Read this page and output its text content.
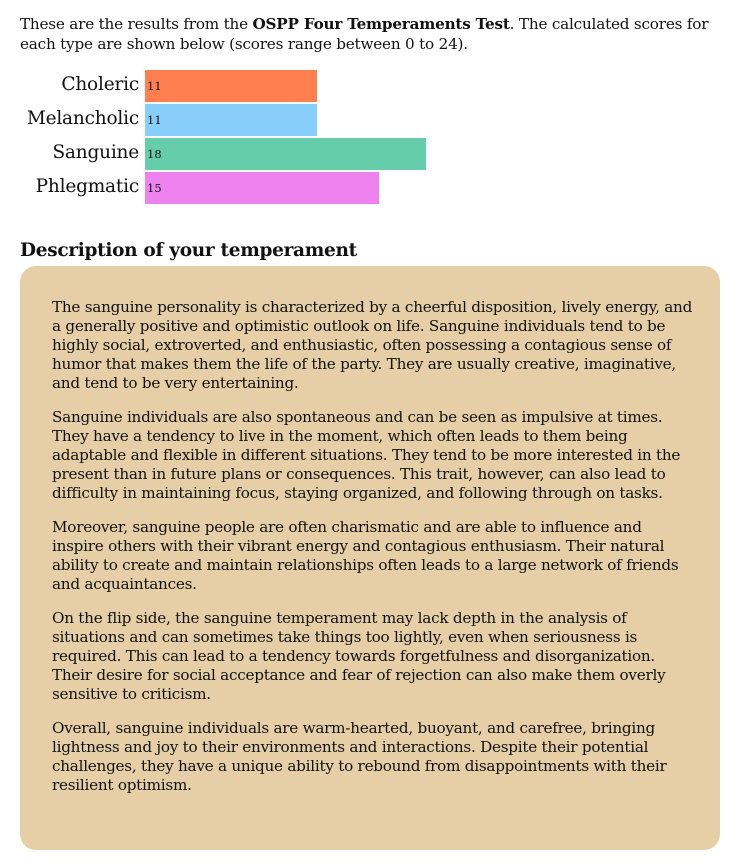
These are the results from the OSPP Four Temperaments Test. The calculated scores for each type are shown below (scores range between 0 to 24).
Choleric 11
Melancholic 11
Sanguine 18
Phlegmatic 15
Description of your temperament

The sanguine personality is characterized by a cheerful disposition, lively energy, and a generally positive and optimistic outlook on life. Sanguine individuals tend to be highly social, extroverted, and enthusiastic, often possessing a contagious sense of humor that makes them the life of the party. They are usually creative, imaginative, and tend to be very entertaining.

Sanguine individuals are also spontaneous and can be seen as impulsive at times. They have a tendency to live in the moment, which often leads to them being adaptable and flexible in different situations. They tend to be more interested in the present than in future plans or consequences. This trait, however, can also lead to difficulty in maintaining focus, staying organized, and following through on tasks.

Moreover, sanguine people are often charismatic and are able to influence and inspire others with their vibrant energy and contagious enthusiasm. Their natural ability to create and maintain relationships often leads to a large network of friends and acquaintances.

On the flip side, the sanguine temperament may lack depth in the analysis of situations and can sometimes take things too lightly, even when seriousness is required. This can lead to a tendency towards forgetfulness and disorganization. Their desire for social acceptance and fear of rejection can also make them overly sensitive to criticism.

Overall, sanguine individuals are warm-hearted, buoyant, and carefree, bringing lightness and joy to their environments and interactions. Despite their potential challenges, they have a unique ability to rebound from disappointments with their resilient optimism.
